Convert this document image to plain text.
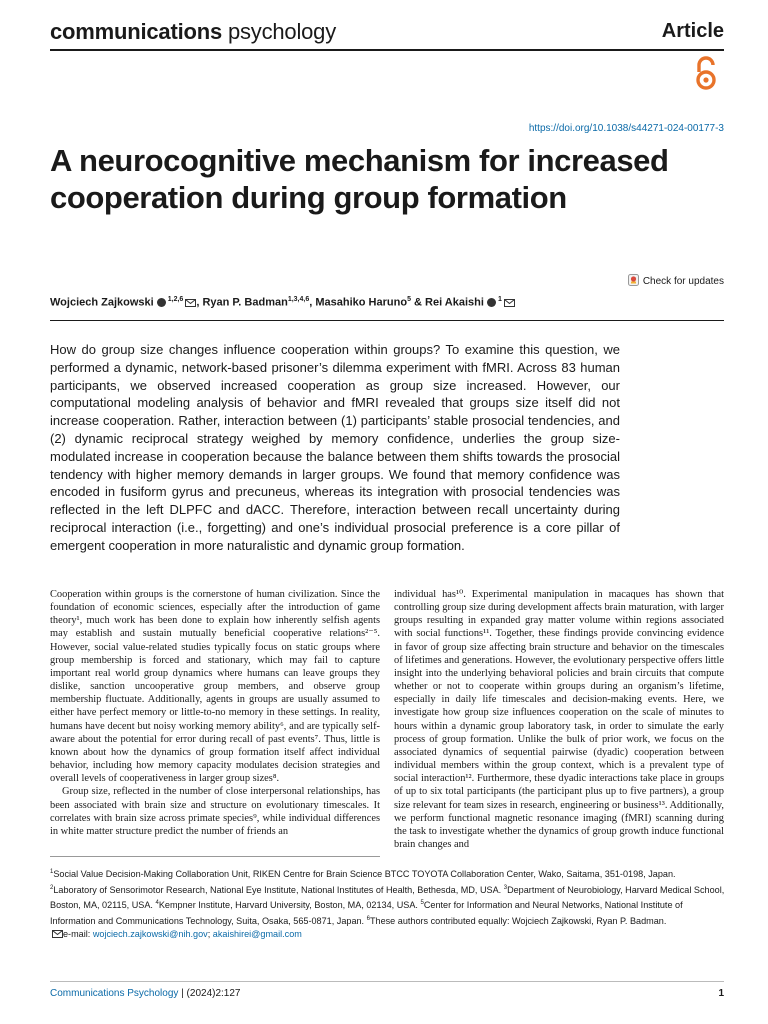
communications psychology	Article
https://doi.org/10.1038/s44271-024-00177-3
A neurocognitive mechanism for increased cooperation during group formation
Check for updates
Wojciech Zajkowski $^{1,2,6}$ , Ryan P. Badman$^{1,3,4,6}$, Masahiko Haruno$^5$ & Rei Akaishi $^1$
How do group size changes influence cooperation within groups? To examine this question, we performed a dynamic, network-based prisoner’s dilemma experiment with fMRI. Across 83 human participants, we observed increased cooperation as group size increased. However, our computational modeling analysis of behavior and fMRI revealed that groups size itself did not increase cooperation. Rather, interaction between (1) participants’ stable prosocial tendencies, and (2) dynamic reciprocal strategy weighed by memory confidence, underlies the group size-modulated increase in cooperation because the balance between them shifts towards the prosocial tendency with higher memory demands in larger groups. We found that memory confidence was encoded in fusiform gyrus and precuneus, whereas its integration with prosocial tendencies was reflected in the left DLPFC and dACC. Therefore, interaction between recall uncertainty during reciprocal interaction (i.e., forgetting) and one’s individual prosocial preference is a core pillar of emergent cooperation in more naturalistic and dynamic group formation.

Cooperation within groups is the cornerstone of human civilization. Since the foundation of economic sciences, especially after the introduction of game theory¹, much work has been done to explain how inherently selfish agents may establish and sustain mutually beneficial cooperative relations²⁻⁵. However, social value-related studies typically focus on static groups where group membership is forced and stationary, which may fail to capture important real world group dynamics where humans can leave groups they dislike, sanction uncooperative group members, and observe group membership fluctuate. Additionally, agents in groups are usually assumed to either have perfect memory or little-to-no memory in these settings. In reality, humans have decent but noisy working memory ability⁶, and are typically self-aware about the potential for error during recall of past events⁷. Thus, little is known about how the dynamics of group formation itself affect individual behavior, including how memory capacity modulates decision strategies and overall levels of cooperativeness in larger group sizes⁸.

Group size, reflected in the number of close interpersonal relationships, has been associated with brain size and structure on evolutionary timescales. It correlates with brain size across primate species⁹, while individual differences in white matter structure predict the number of friends an

individual has¹⁰. Experimental manipulation in macaques has shown that controlling group size during development affects brain maturation, with larger groups resulting in expanded gray matter volume within regions associated with social functions¹¹. Together, these findings provide convincing evidence in favor of group size affecting brain structure and behavior on the timescales of lifetimes and generations. However, the evolutionary perspective offers little insight into the underlying behavioral policies and brain circuits that compute whether or not to cooperate within groups during an organism’s lifetime, especially in daily life timescales and decision-making events. Here, we investigate how group size influences cooperation on the scale of minutes to hours within a dynamic group laboratory task, in order to simulate the early process of group formation. Unlike the bulk of prior work, we focus on the associated dynamics of sequential pairwise (dyadic) cooperation between individual members within the group context, which is a prevalent type of social interaction¹². Furthermore, these dyadic interactions take place in groups of up to six total participants (the participant plus up to five partners), a group size relevant for team sizes in research, engineering or business¹³. Additionally, we perform functional magnetic resonance imaging (fMRI) scanning during the task to investigate whether the dynamics of group growth induce functional brain changes and

$^1$Social Value Decision-Making Collaboration Unit, RIKEN Centre for Brain Science BTCC TOYOTA Collaboration Center, Wako, Saitama, 351-0198, Japan.
$^2$Laboratory of Sensorimotor Research, National Eye Institute, National Institutes of Health, Bethesda, MD, USA. $^3$Department of Neurobiology, Harvard Medical School, Boston, MA, 02115, USA. $^4$Kempner Institute, Harvard University, Boston, MA, 02134, USA. $^5$Center for Information and Neural Networks, National Institute of Information and Communications Technology, Suita, Osaka, 565-0871, Japan. $^6$These authors contributed equally: Wojciech Zajkowski, Ryan P. Badman.
e-mail: wojciech.zajkowski@nih.gov; akaishirei@gmail.com
Communications Psychology | (2024)2:127	1
